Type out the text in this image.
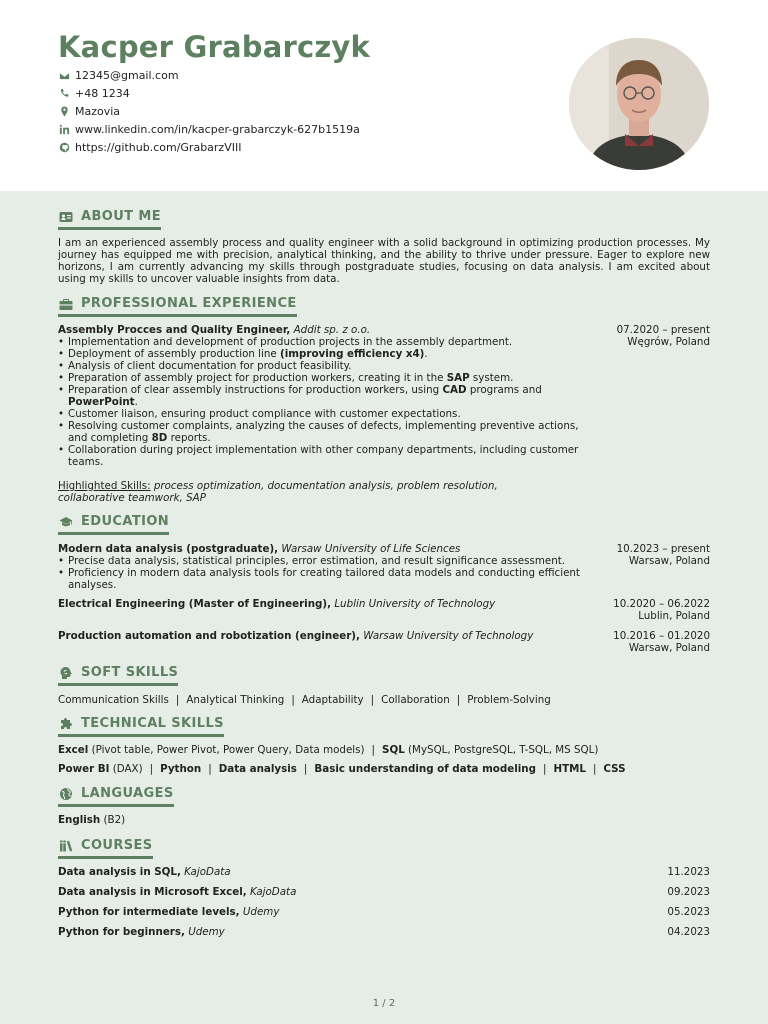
Kacper Grabarczyk
12345@gmail.com
+48 1234
Mazovia
www.linkedin.com/in/kacper-grabarczyk-627b1519a
https://github.com/GrabarzVIII
ABOUT ME
I am an experienced assembly process and quality engineer with a solid background in optimizing production processes. My journey has equipped me with precision, analytical thinking, and the ability to thrive under pressure. Eager to explore new horizons, I am currently advancing my skills through postgraduate studies, focusing on data analysis. I am excited about using my skills to uncover valuable insights from data.
PROFESSIONAL EXPERIENCE
Assembly Procces and Quality Engineer, Addit sp. z o.o.	07.2020 – present
Węgrów, Poland
• Implementation and development of production projects in the assembly department.
• Deployment of assembly production line (improving efficiency x4).
• Analysis of client documentation for product feasibility.
• Preparation of assembly project for production workers, creating it in the SAP system.
• Preparation of clear assembly instructions for production workers, using CAD programs and PowerPoint.
• Customer liaison, ensuring product compliance with customer expectations.
• Resolving customer complaints, analyzing the causes of defects, implementing preventive actions, and completing 8D reports.
• Collaboration during project implementation with other company departments, including customer teams.
Highlighted Skills: process optimization, documentation analysis, problem resolution, collaborative teamwork, SAP
EDUCATION
Modern data analysis (postgraduate), Warsaw University of Life Sciences	10.2023 – present
Warsaw, Poland
• Precise data analysis, statistical principles, error estimation, and result significance assessment.
• Proficiency in modern data analysis tools for creating tailored data models and conducting efficient analyses.
Electrical Engineering (Master of Engineering), Lublin University of Technology	10.2020 – 06.2022
Lublin, Poland
Production automation and robotization (engineer), Warsaw University of Technology	10.2016 – 01.2020
Warsaw, Poland
SOFT SKILLS
Communication Skills | Analytical Thinking | Adaptability | Collaboration | Problem-Solving
TECHNICAL SKILLS
Excel (Pivot table, Power Pivot, Power Query, Data models) | SQL (MySQL, PostgreSQL, T-SQL, MS SQL)
Power BI (DAX) | Python | Data analysis | Basic understanding of data modeling | HTML | CSS
LANGUAGES
English (B2)
COURSES
Data analysis in SQL, KajoData	11.2023
Data analysis in Microsoft Excel, KajoData	09.2023
Python for intermediate levels, Udemy	05.2023
Python for beginners, Udemy	04.2023
1 / 2
